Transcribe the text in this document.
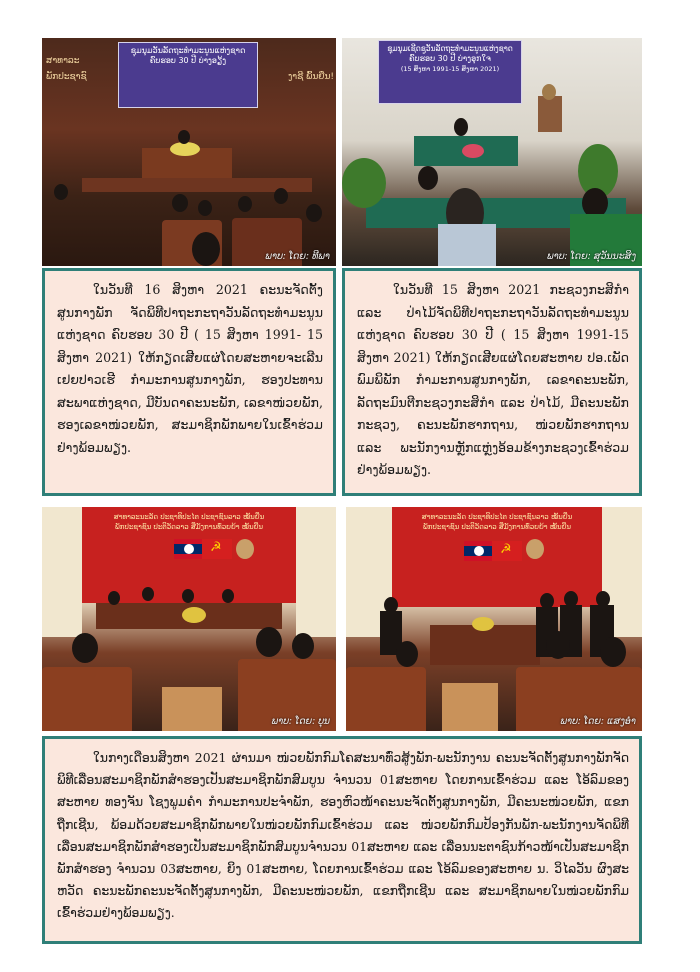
ສາທາລະ
ພັກປະຊາຊົ	ງາຊີ ພົ້ນຍືນ!
ຊຸມນຸມວັນລັດຖະທຳມະນູນແຫ່ງຊາດ
ຄົບຮອບ 30 ປີ ບ່າງອຽ້ງ
ພາບ: ໂດຍ: ທີພາ
ຊຸມນຸມເຊີດຊູວັນລັດຖະທຳມະນູນແຫ່ງຊາດ
ຄົບຮອບ 30 ປີ ບ່າງອຸກໃຈ
(15 ສິງຫາ 1991-15 ສິງຫາ 2021)
ພາບ: ໂດຍ: ສຸວັນນະສິງ
ໃນວັນທີ 16 ສິງຫາ 2021 ຄະນະຈັດຕັ້ງສູນກາງພັກ ຈັດພິທີປາຖະກະຖາວັນລັດຖະທຳມະນູນແຫ່ງຊາດ ຄົບຮອບ 30 ປີ ( 15 ສິງຫາ 1991- 15 ສິງຫາ 2021) ໃຫ້ກຽດເສີຍແຜ່ໂດຍສະຫາຍຈະເລີນ ເຢຍປາວເຮີ ກຳມະການສູນກາງພັກ, ຮອງປະທານສະພາແຫ່ງຊາດ, ມີບັນດາຄະນະພັກ, ເລຂາໜ່ວຍພັກ, ຮອງເລຂາໜ່ວຍພັກ, ສະມາຊິກພັກພາຍໃນເຂົ້າຮ່ວມຢ່າງພ້ອມພຽງ.
ໃນວັນທີ 15 ສິງຫາ 2021 ກະຊວງກະສິກຳ ແລະ ປ່າໄມ້ຈັດພິທີປາຖະກະຖາວັນລັດຖະທຳມະນູນແຫ່ງຊາດ ຄົບຮອບ 30 ປີ ( 15 ສິງຫາ 1991-15 ສິງຫາ 2021) ໃຫ້ກຽດເສີຍແຜ່ໂດຍສະຫາຍ ປອ.ເພັດ ພົມພິພັກ ກຳມະການສູນກາງພັກ, ເລຂາຄະນະພັກ, ລັດຖະມົນຕີກະຊວງກະສິກຳ ແລະ ປ່າໄມ້, ມີຄະນະພັກກະຊວງ, ຄະນະພັກຮາກຖານ, ໜ່ວຍພັກຮາກຖານ ແລະ ພະນັກງານຫຼັກແຫຼ່ງອ້ອມຂ້າງກະຊວງເຂົ້າຮ່ວມຢ່າງພ້ອມພຽງ.
ສາທາລະນະລັດ ປະຊາທິປະໄຕ ປະຊາຊົນລາວ ໝັ້ນຍືນ
ພັກປະຊາຊົນ ປະຕິວັດລາວ ສີ່ມັງການທົ່ວຍຍ້າ ໝັ້ນຍືນ
☭
ພາບ: ໂດຍ: ບຸນ
ສາທາລະນະລັດ ປະຊາທິປະໄຕ ປະຊາຊົນລາວ ໝັ້ນຍືນ
ພັກປະຊາຊົນ ປະຕິວັດລາວ ສີ່ມັງການທົ່ວຍຍ້າ ໝັ້ນຍືນ
☭
ພາບ: ໂດຍ: ແສງອຳ
ໃນກາງເດືອນສິງຫາ 2021 ຜ່ານມາ ໜ່ວຍພັກກົມໂຄສະນາທົ່ວສູ້ງພັກ-ພະນັກງານ ຄະນະຈັດຕັ້ງສູນກາງພັກຈັດພິທີເລື່ອນສະມາຊິກພັກສຳຮອງເປັນສະມາຊິກພັກສົມບູນ ຈຳນວນ 01ສະຫາຍ ໂດຍການເຂົ້າຮ່ວມ ແລະ ໂອ້ລົມຂອງສະຫາຍ ທອງຈັນ ໂຊງພູມຄຳ ກຳມະການປະຈຳພັກ, ຮອງຫົວໜ້າຄະນະຈັດຕັ້ງສູນກາງພັກ, ມີຄະນະໜ່ວຍພັກ, ແຂກຖືກເຊີນ, ພ້ອມດ້ວຍສະມາຊິກພັກພາຍໃນໜ່ວຍພັກກົມເຂົ້າຮ່ວມ ແລະ ໜ່ວຍພັກກົມປ້ອງກັນພັກ-ພະນັກງານຈັດພິທີເລື່ອນສະມາຊິກພັກສຳຮອງເປັນສະມາຊິກພັກສົມບູນຈຳນວນ 01ສະຫາຍ ແລະ ເລື່ອນນະຕາຊົນກ້າວໜ້າເປັນສະມາຊິກພັກສຳຮອງ ຈຳນວນ 03ສະຫາຍ, ຍິງ 01ສະຫາຍ, ໂດຍການເຂົ້າຮ່ວມ ແລະ ໂອ້ລົມຂອງສະຫາຍ ນ. ວິໄລວັນ ຜົງສະຫວັດ ຄະນະພັກຄະນະຈັດຕັ້ງສູນກາງພັກ, ມີຄະນະໜ່ວຍພັກ, ແຂກຖືກເຊີນ ແລະ ສະມາຊິກພາຍໃນໜ່ວຍພັກກົມເຂົ້າຮ່ວມຢ່າງພ້ອມພຽງ.
